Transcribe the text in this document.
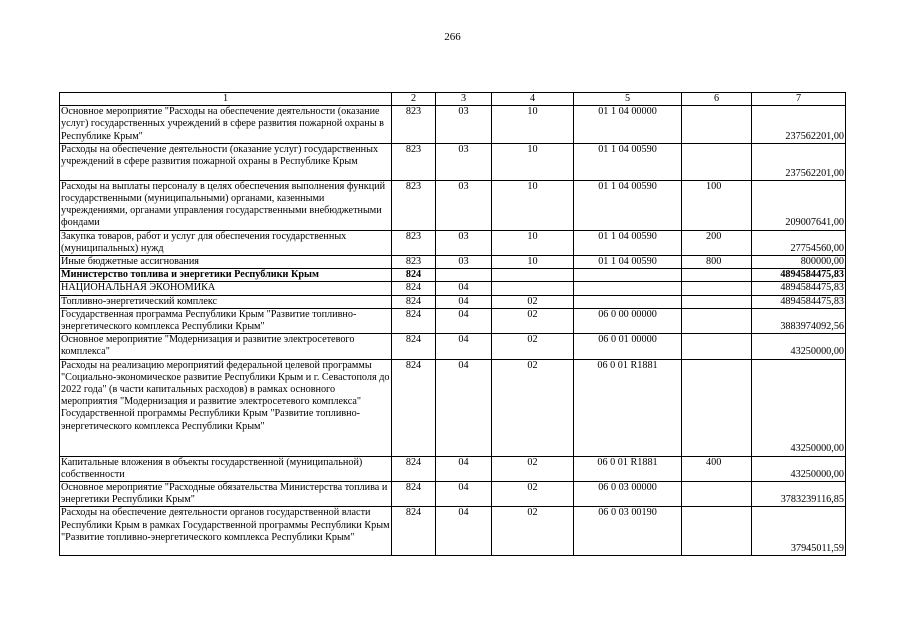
266
1	2	3	4	5	6	7
Основное мероприятие "Расходы на обеспечение деятельности (оказание услуг) государственных учреждений в сфере развития пожарной охраны в Республике Крым"	823	03	10	01 1 04 00000		237562201,00
Расходы на обеспечение деятельности (оказание услуг) государственных учреждений в сфере развития пожарной охраны в Республике Крым	823	03	10	01 1 04 00590		237562201,00
Расходы на выплаты персоналу в целях обеспечения выполнения функций государственными (муниципальными) органами, казенными учреждениями, органами управления государственными внебюджетными фондами	823	03	10	01 1 04 00590	100	209007641,00
Закупка товаров, работ и услуг для обеспечения государственных (муниципальных) нужд	823	03	10	01 1 04 00590	200	27754560,00
Иные бюджетные ассигнования	823	03	10	01 1 04 00590	800	800000,00
Министерство топлива и энергетики Республики Крым	824					4894584475,83
НАЦИОНАЛЬНАЯ ЭКОНОМИКА	824	04				4894584475,83
Топливно-энергетический комплекс	824	04	02			4894584475,83
Государственная программа Республики Крым "Развитие топливно-энергетического комплекса Республики Крым"	824	04	02	06 0 00 00000		3883974092,56
Основное мероприятие "Модернизация и развитие электросетевого комплекса"	824	04	02	06 0 01 00000		43250000,00
Расходы на реализацию мероприятий федеральной целевой программы "Социально-экономическое развитие Республики Крым и г. Севастополя до 2022 года" (в части капитальных расходов) в рамках основного мероприятия "Модернизация и развитие электросетевого комплекса" Государственной программы Республики Крым "Развитие топливно-энергетического комплекса Республики Крым"	824	04	02	06 0 01 R1881		43250000,00
Капитальные вложения в объекты государственной (муниципальной) собственности	824	04	02	06 0 01 R1881	400	43250000,00
Основное мероприятие "Расходные обязательства Министерства топлива и энергетики Республики Крым"	824	04	02	06 0 03 00000		3783239116,85
Расходы на обеспечение деятельности органов государственной власти Республики Крым в рамках Государственной программы Республики Крым "Развитие топливно-энергетического комплекса Республики Крым"	824	04	02	06 0 03 00190		37945011,59
